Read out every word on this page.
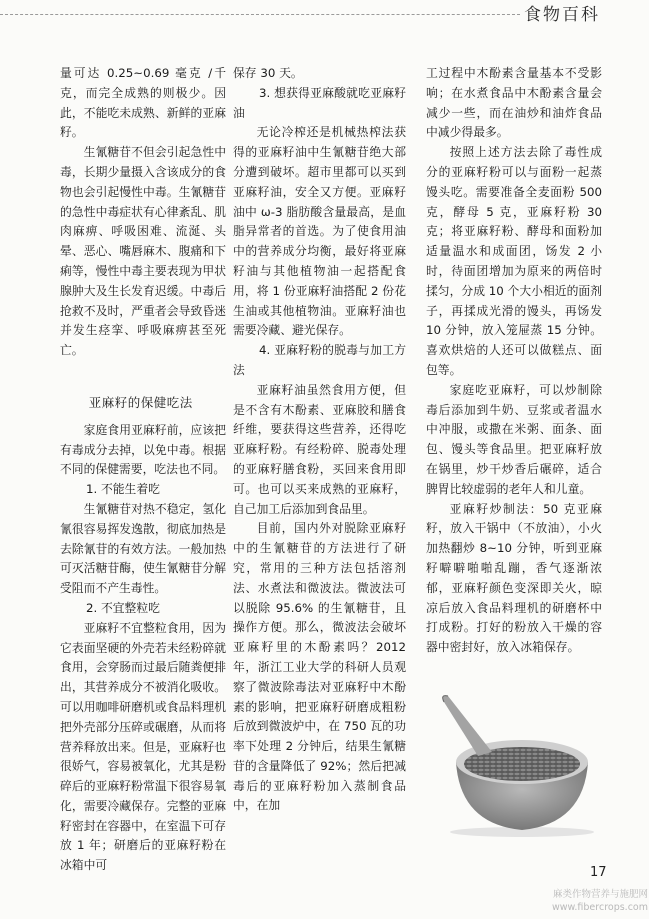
食物百科

量可达 0.25~0.69 毫克 /千克，而完全成熟的则极少。因此，不能吃未成熟、新鲜的亚麻籽。

生氰糖苷不但会引起急性中毒，长期少量摄入含该成分的食物也会引起慢性中毒。生氰糖苷的急性中毒症状有心律紊乱、肌肉麻痹、呼吸困难、流涎、头晕、恶心、嘴唇麻木、腹痛和下痢等，慢性中毒主要表现为甲状腺肿大及生长发育迟缓。中毒后抢救不及时，严重者会导致昏迷并发生痉挛、呼吸麻痹甚至死亡。

亚麻籽的保健吃法

家庭食用亚麻籽前，应该把有毒成分去掉，以免中毒。根据不同的保健需要，吃法也不同。

1. 不能生着吃

生氰糖苷对热不稳定，氢化氰很容易挥发逸散，彻底加热是去除氰苷的有效方法。一般加热可灭活糖苷酶，使生氰糖苷分解受阻而不产生毒性。

2. 不宜整粒吃

亚麻籽不宜整粒食用，因为它表面坚硬的外壳若未经粉碎就食用，会穿肠而过最后随粪便排出，其营养成分不被消化吸收。可以用咖啡研磨机或食品料理机把外壳部分压碎或碾磨，从而将营养释放出来。但是，亚麻籽也很娇气，容易被氧化，尤其是粉碎后的亚麻籽粉常温下很容易氧化，需要冷藏保存。完整的亚麻籽密封在容器中，在室温下可存放 1 年；研磨后的亚麻籽粉在冰箱中可

保存 30 天。

3. 想获得亚麻酸就吃亚麻籽油

无论冷榨还是机械热榨法获得的亚麻籽油中生氰糖苷绝大部分遭到破坏。超市里都可以买到亚麻籽油，安全又方便。亚麻籽油中 ω-3 脂肪酸含量最高，是血脂异常者的首选。为了使食用油中的营养成分均衡，最好将亚麻籽油与其他植物油一起搭配食用，将 1 份亚麻籽油搭配 2 份花生油或其他植物油。亚麻籽油也需要冷藏、避光保存。

4. 亚麻籽粉的脱毒与加工方法

亚麻籽油虽然食用方便，但是不含有木酚素、亚麻胶和膳食纤维，要获得这些营养，还得吃亚麻籽粉。有经粉碎、脱毒处理的亚麻籽膳食粉，买回来食用即可。也可以买来成熟的亚麻籽，自己加工后添加到食品里。

目前，国内外对脱除亚麻籽中的生氰糖苷的方法进行了研究，常用的三种方法包括溶剂法、水煮法和微波法。微波法可以脱除 95.6% 的生氰糖苷，且操作方便。那么，微波法会破坏亚麻籽里的木酚素吗？2012 年，浙江工业大学的科研人员观察了微波除毒法对亚麻籽中木酚素的影响，把亚麻籽研磨成粗粉后放到微波炉中，在 750 瓦的功率下处理 2 分钟后，结果生氰糖苷的含量降低了 92%；然后把减毒后的亚麻籽粉加入蒸制食品中，在加

工过程中木酚素含量基本不受影响；在水煮食品中木酚素含量会减少一些，而在油炒和油炸食品中减少得最多。

按照上述方法去除了毒性成分的亚麻籽粉可以与面粉一起蒸馒头吃。需要准备全麦面粉 500 克，酵母 5 克，亚麻籽粉 30 克；将亚麻籽粉、酵母和面粉加适量温水和成面团，饧发 2 小时，待面团增加为原来的两倍时揉匀，分成 10 个大小相近的面剂子，再揉成光滑的馒头，再饧发 10 分钟，放入笼屉蒸 15 分钟。喜欢烘焙的人还可以做糕点、面包等。

家庭吃亚麻籽，可以炒制除毒后添加到牛奶、豆浆或者温水中冲服，或撒在米粥、面条、面包、馒头等食品里。把亚麻籽放在锅里，炒干炒香后碾碎，适合脾胃比较虚弱的老年人和儿童。

亚麻籽炒制法：50 克亚麻籽，放入干锅中（不放油），小火加热翻炒 8~10 分钟，听到亚麻籽噼噼啪啪乱蹦，香气逐渐浓郁，亚麻籽颜色变深即关火，晾凉后放入食品料理机的研磨杯中打成粉。打好的粉放入干燥的容器中密封好，放入冰箱保存。

17
麻类作物营养与施肥网
www.fibercrops.com
